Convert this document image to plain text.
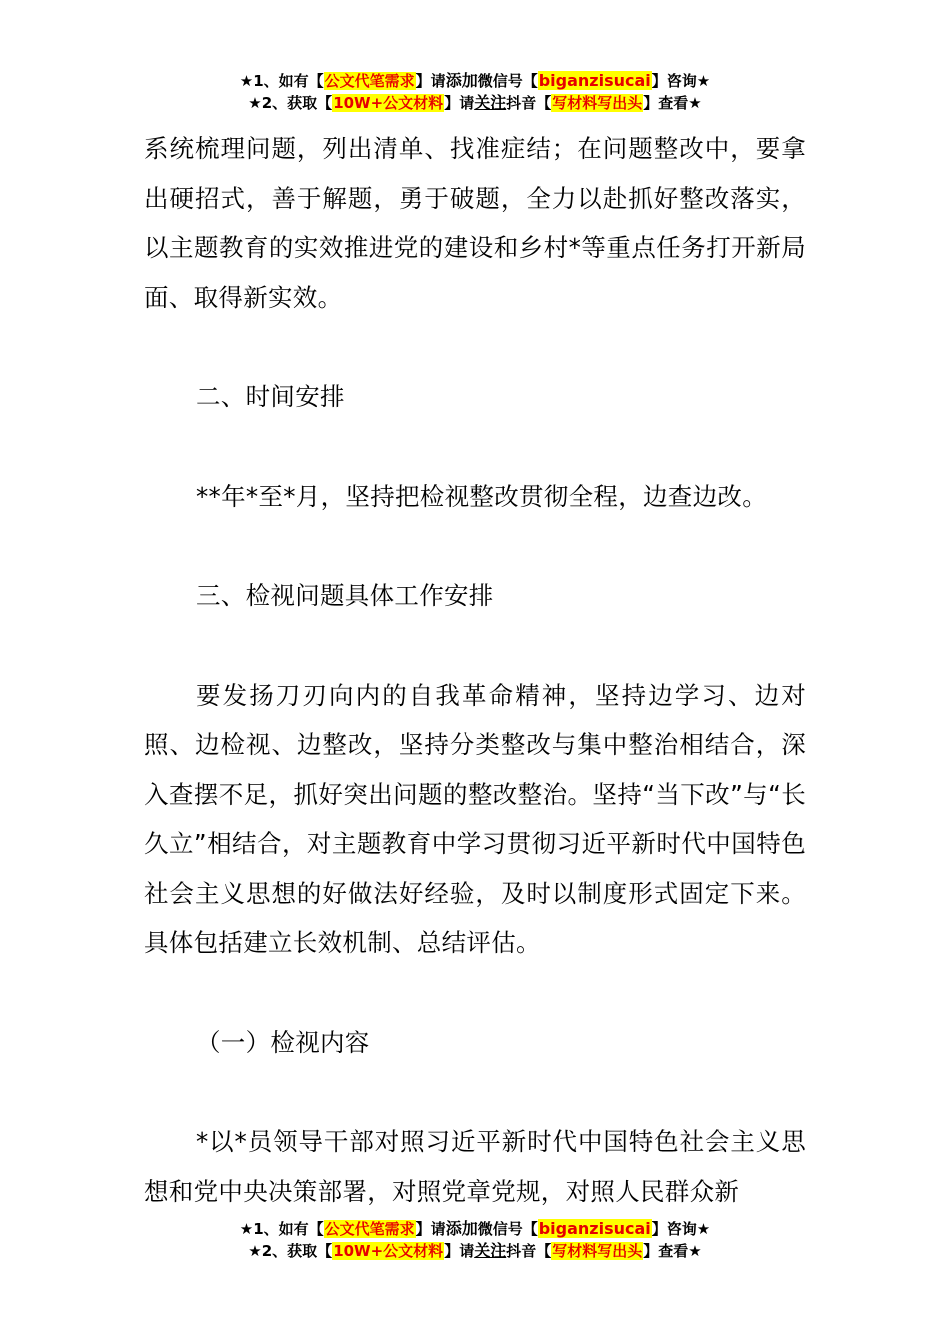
★1、如有【公文代笔需求】请添加微信号【biganzisucai】咨询★
★2、获取【10W+公文材料】请关注抖音【写材料写出头】查看★

系统梳理问题，列出清单、找准症结；在问题整改中，要拿出硬招式，善于解题，勇于破题，全力以赴抓好整改落实，以主题教育的实效推进党的建设和乡村*等重点任务打开新局面、取得新实效。

二、时间安排

**年*至*月，坚持把检视整改贯彻全程，边查边改。

三、检视问题具体工作安排

要发扬刀刃向内的自我革命精神，坚持边学习、边对照、边检视、边整改，坚持分类整改与集中整治相结合，深入查摆不足，抓好突出问题的整改整治。坚持“当下改”与“长久立”相结合，对主题教育中学习贯彻习近平新时代中国特色社会主义思想的好做法好经验，及时以制度形式固定下来。具体包括建立长效机制、总结评估。

（一）检视内容

*以*员领导干部对照习近平新时代中国特色社会主义思想和党中央决策部署，对照党章党规，对照人民群众新

★1、如有【公文代笔需求】请添加微信号【biganzisucai】咨询★
★2、获取【10W+公文材料】请关注抖音【写材料写出头】查看★
